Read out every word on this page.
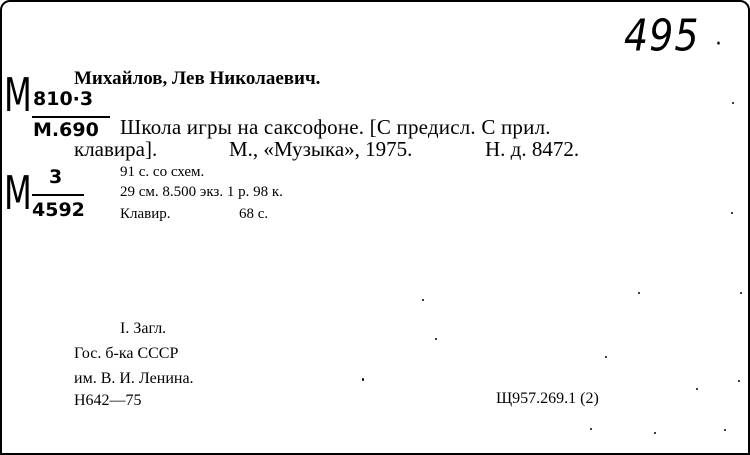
495 ·
М 810·3
М.690
М 3
4592
Михайлов, Лев Николаевич.
Школа игры на саксофоне. [С предисл. С прил.
клавира].	М., «Музыка», 1975.	Н. д. 8472.
91 с. со схем.
29 см. 8.500 экз. 1 р. 98 к.
Клавир.	68 с.
I. Загл.
Гос. б-ка СССР
им. В. И. Ленина.
Н642—75	Щ957.269.1 (2)
